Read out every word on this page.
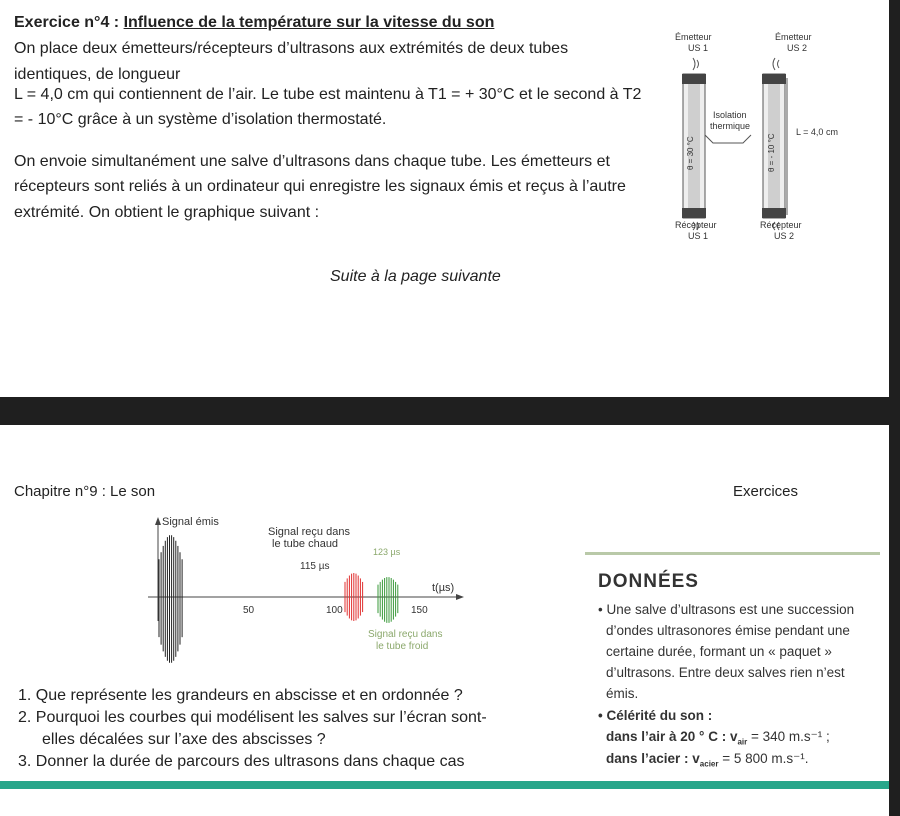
Exercice n°4 : Influence de la température sur la vitesse du son
On place deux émetteurs/récepteurs d’ultrasons aux extrémités de deux tubes
identiques, de longueur
L = 4,0 cm qui contiennent de l’air. Le tube est maintenu à T1 = + 30°C et le second à T2
= - 10°C grâce à un système d’isolation thermostaté.
On envoie simultanément une salve d’ultrasons dans chaque tube. Les émetteurs et
récepteurs sont reliés à un ordinateur qui enregistre les signaux émis et reçus à l’autre
extrémité. On obtient le graphique suivant :
Suite à la page suivante
Émetteur
US 1
Émetteur
US 2
θ = 30 °C	θ = - 10 °C
Isolation
thermique
L = 4,0 cm
Récepteur
US 1
Récepteur
US 2
Chapitre n°9 : Le son	Exercices
Signal émis
Signal reçu dans
le tube chaud
123 µs
115 µs
t(µs)
50	100	150
Signal reçu dans
le tube froid
1. Que représente les grandeurs en abscisse et en ordonnée ?
2. Pourquoi les courbes qui modélisent les salves sur l’écran sont-
elles décalées sur l’axe des abscisses ?
3. Donner la durée de parcours des ultrasons dans chaque cas
DONNÉES
• Une salve d’ultrasons est une succession
d’ondes ultrasonores émise pendant une
certaine durée, formant un « paquet »
d’ultrasons. Entre deux salves rien n’est
émis.
• Célérité du son :
dans l’air à 20 ° C : $v_{air} = 340$ m.s⁻¹ ;
dans l’acier : $v_{acier} = 5$ 800 m.s⁻¹.
